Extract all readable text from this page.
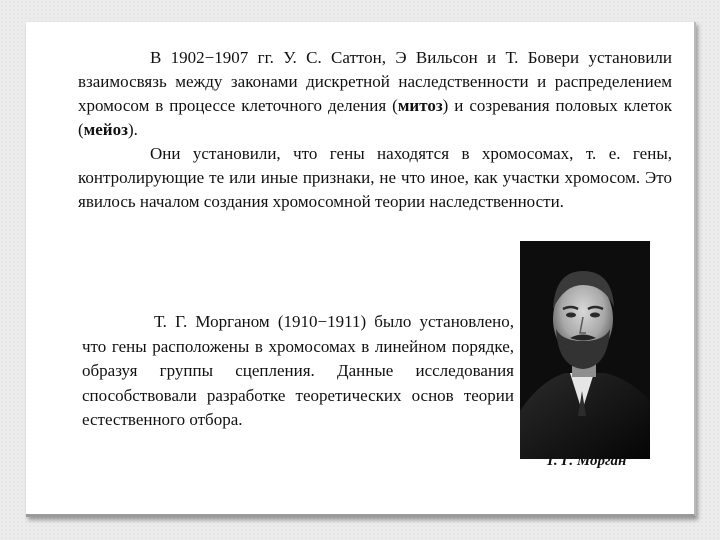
В 1902−1907 гг. У. С. Саттон, Э Вильсон и Т. Бовери установили взаимосвязь между законами дискретной наследственности и распределением хромосом в процессе клеточного деления (митоз) и созревания половых клеток (мейоз).

Они установили, что гены находятся в хромосомах, т. е. гены, контролирующие те или иные признаки, не что иное, как участки хромосом. Это явилось началом создания хромосомной теории наследственности.

Т. Г. Морганом (1910−1911) было установлено, что гены расположены в хромосомах в линейном порядке, образуя группы сцепления. Данные исследования способствовали разработке теоретических основ теории естественного отбора.

Т. Г. Морган
